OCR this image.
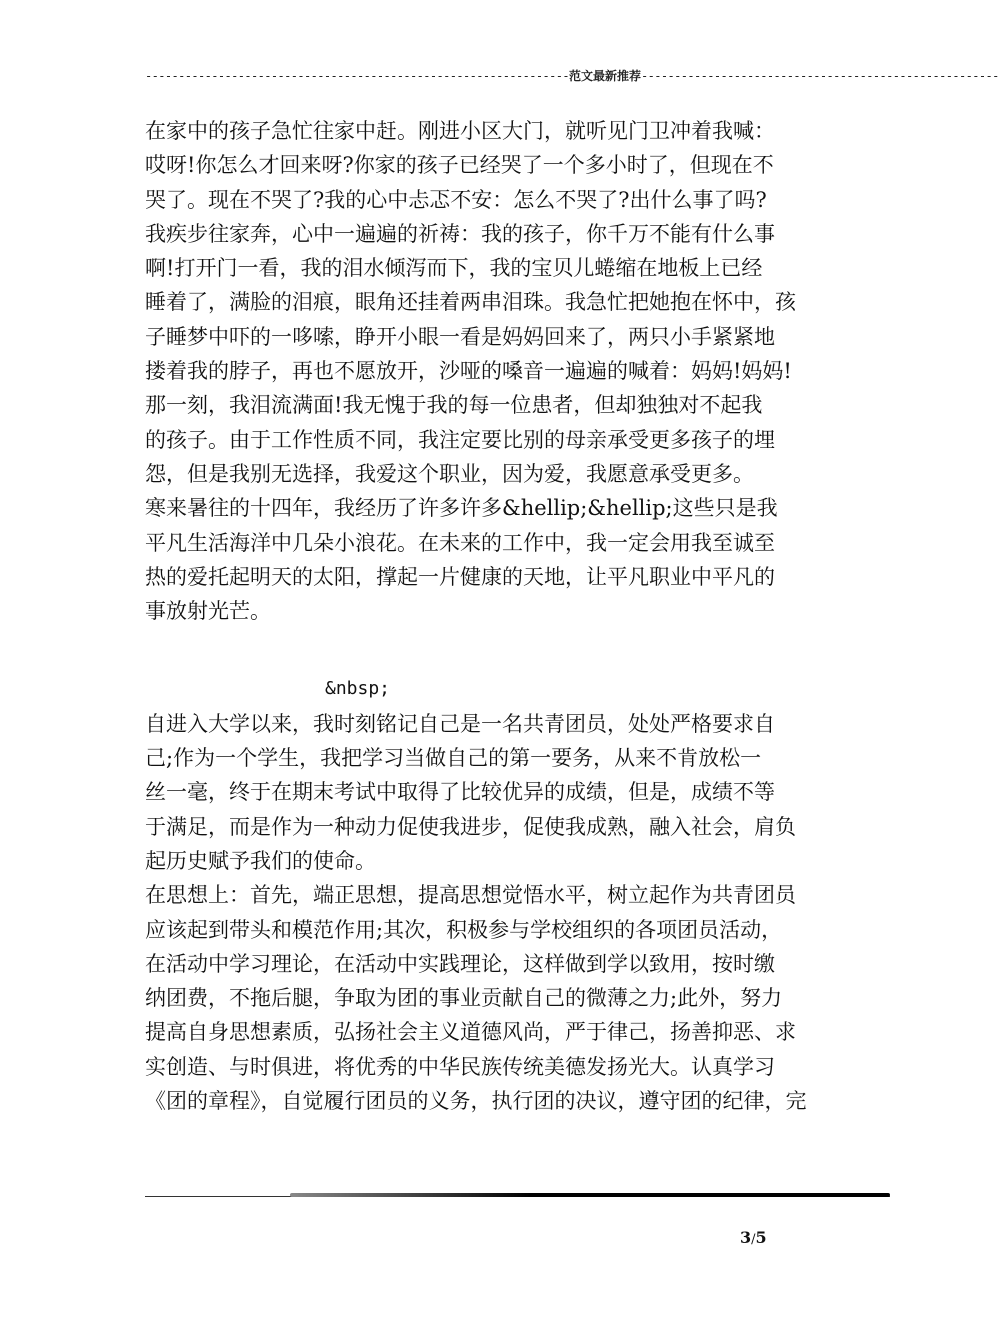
----------------------------------------------------------------范文最新推荐------------------------------------------------------
在家中的孩子急忙往家中赶。刚进小区大门，就听见门卫冲着我喊：
哎呀!你怎么才回来呀?你家的孩子已经哭了一个多小时了，但现在不
哭了。现在不哭了?我的心中忐忑不安：怎么不哭了?出什么事了吗?
我疾步往家奔，心中一遍遍的祈祷：我的孩子，你千万不能有什么事
啊!打开门一看，我的泪水倾泻而下，我的宝贝儿蜷缩在地板上已经
睡着了，满脸的泪痕，眼角还挂着两串泪珠。我急忙把她抱在怀中，孩
子睡梦中吓的一哆嗦，睁开小眼一看是妈妈回来了，两只小手紧紧地
搂着我的脖子，再也不愿放开，沙哑的嗓音一遍遍的喊着：妈妈!妈妈!
那一刻，我泪流满面!我无愧于我的每一位患者，但却独独对不起我
的孩子。由于工作性质不同，我注定要比别的母亲承受更多孩子的埋
怨，但是我别无选择，我爱这个职业，因为爱，我愿意承受更多。
寒来暑往的十四年，我经历了许多许多&hellip;&hellip;这些只是我
平凡生活海洋中几朵小浪花。在未来的工作中，我一定会用我至诚至
热的爱托起明天的太阳，撑起一片健康的天地，让平凡职业中平凡的
事放射光芒。
&nbsp;
自进入大学以来，我时刻铭记自己是一名共青团员，处处严格要求自
己;作为一个学生，我把学习当做自己的第一要务，从来不肯放松一
丝一毫，终于在期末考试中取得了比较优异的成绩，但是，成绩不等
于满足，而是作为一种动力促使我进步，促使我成熟，融入社会，肩负
起历史赋予我们的使命。
在思想上：首先，端正思想，提高思想觉悟水平，树立起作为共青团员
应该起到带头和模范作用;其次，积极参与学校组织的各项团员活动，
在活动中学习理论，在活动中实践理论，这样做到学以致用，按时缴
纳团费，不拖后腿，争取为团的事业贡献自己的微薄之力;此外，努力
提高自身思想素质，弘扬社会主义道德风尚，严于律己，扬善抑恶、求
实创造、与时俱进，将优秀的中华民族传统美德发扬光大。认真学习
《团的章程》，自觉履行团员的义务，执行团的决议，遵守团的纪律，完
3/5
